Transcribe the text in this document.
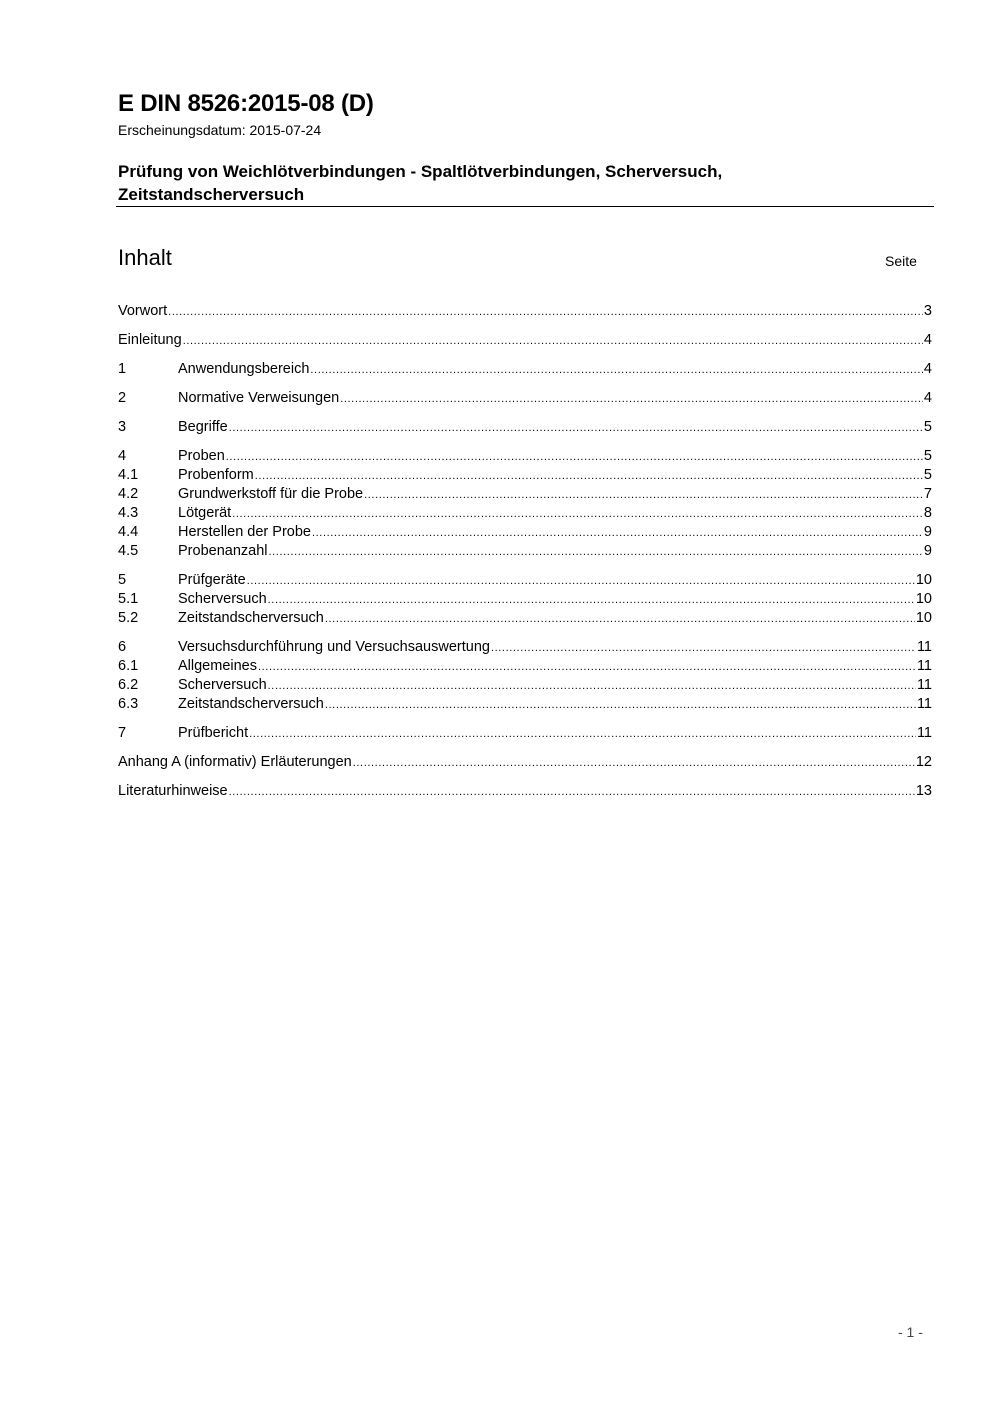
E DIN 8526:2015-08 (D)
Erscheinungsdatum: 2015-07-24
Prüfung von Weichlötverbindungen - Spaltlötverbindungen, Scherversuch, Zeitstandscherversuch
Inhalt	Seite
Vorwort .....	3
Einleitung .....	4
1	Anwendungsbereich .....	4
2	Normative Verweisungen .....	4
3	Begriffe .....	5
4	Proben .....	5
4.1	Probenform .....	5
4.2	Grundwerkstoff für die Probe .....	7
4.3	Lötgerät .....	8
4.4	Herstellen der Probe .....	9
4.5	Probenanzahl .....	9
5	Prüfgeräte .....	10
5.1	Scherversuch .....	10
5.2	Zeitstandscherversuch .....	10
6	Versuchsdurchführung und Versuchsauswertung .....	11
6.1	Allgemeines .....	11
6.2	Scherversuch .....	11
6.3	Zeitstandscherversuch .....	11
7	Prüfbericht .....	11
Anhang A (informativ) Erläuterungen .....	12
Literaturhinweise .....	13
- 1 -
